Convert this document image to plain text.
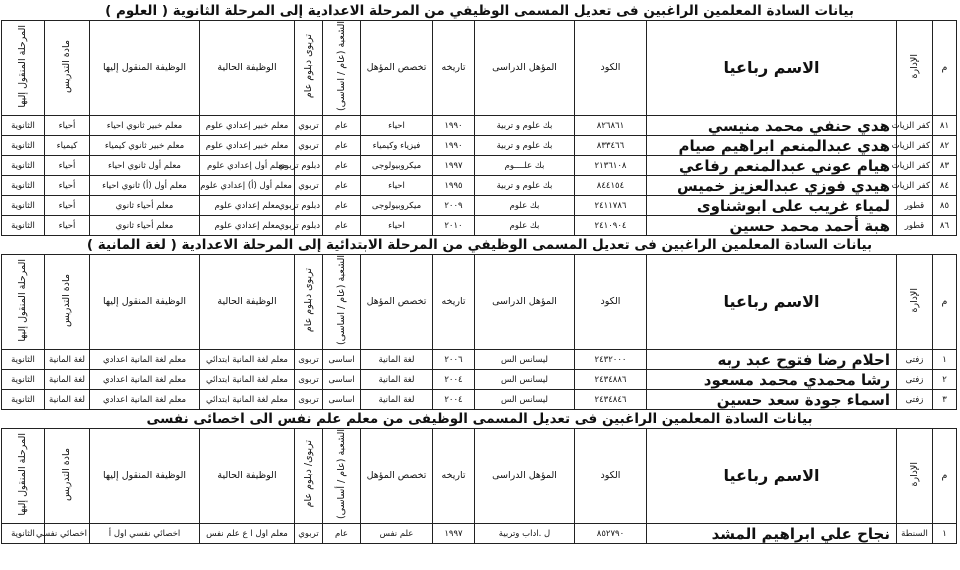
بيانات السادة المعلمين الراغبين فى تعديل المسمى الوظيفي من المرحلة الاعدادية إلى المرحلة الثانوية ( العلوم )
م	الإدارة	الاسم رباعيا	الكود	المؤهل الدراسى	تاريخه	تخصص المؤهل	الشعبة (عام / اساسى)	تربوى دبلوم عام	الوظيفة الحالية	الوظيفة المنقول إليها	مادة التدريس	المرحلة المنقول إليها
٨١	كفر الزيات	هدي حنفي محمد منيسي	٨٢٦٨٦١	بك علوم و تربية	١٩٩٠	احياء	عام	تربوي	معلم خبير إعدادي علوم	معلم خبير ثانوي احياء	أحياء	الثانوية
٨٢	كفر الزيات	هدي عبدالمنعم ابراهيم صيام	٨٣٣٤٦٦	بك علوم و تربية	١٩٩٠	فيزياء وكيمياء	عام	تربوي	معلم خبير إعدادي علوم	معلم خبير ثانوي كيمياء	كيمياء	الثانوية
٨٣	كفر الزيات	هيام عوني عبدالمنعم رفاعي	٢١٣٦١٠٨	بك علــــوم	١٩٩٧	ميكروبيولوجى	عام	دبلوم تربوي	معلم أول إعدادي علوم	معلم أول ثانوي احياء	أحياء	الثانوية
٨٤	كفر الزيات	هيدي فوزي عبدالعزيز خميس	٨٤٤١٥٤	بك علوم و تربية	١٩٩٥	احياء	عام	تربوي	معلم أول (أ) إعدادي علوم	معلم أول (أ) ثانوي احياء	أحياء	الثانوية
٨٥	قطور	لمياء غريب على ابوشناوى	٢٤١١٧٨٦	بك علوم	٢٠٠٩	ميكروبيولوجى	عام	دبلوم تربوي	معلم إعدادي علوم	معلم أحياء ثانوي	أحياء	الثانوية
٨٦	قطور	هبة أحمد محمد حسين	٢٤١٠٩٠٤	بك علوم	٢٠١٠	احياء	عام	دبلوم تربوي	معلم إعدادي علوم	معلم أحياء ثانوي	أحياء	الثانوية
بيانات السادة المعلمين الراغبين فى تعديل المسمى الوظيفي من المرحلة الابتدائية إلى المرحلة الاعدادية ( لغة المانية )
م	الإدارة	الاسم رباعيا	الكود	المؤهل الدراسى	تاريخه	تخصص المؤهل	الشعبة (عام / اساسى)	تربوى دبلوم عام	الوظيفة الحالية	الوظيفة المنقول إليها	مادة التدريس	المرحلة المنقول إليها
١	زفتى	احلام رضا فتوح عبد ربه	٢٤٣٢٠٠٠	ليسانس الس	٢٠٠٦	لغة المانية	اساسى	تربوى	معلم لغة المانية ابتدائي	معلم لغة المانية اعدادي	لغة المانية	الثانوية
٢	زفتى	رشا محمدي محمد مسعود	٢٤٣٤٨٨٦	ليسانس الس	٢٠٠٤	لغة المانية	اساسى	تربوى	معلم لغة المانية ابتدائي	معلم لغة المانية اعدادي	لغة المانية	الثانوية
٣	زفتى	اسماء جودة سعد حسين	٢٤٣٤٨٤٦	ليسانس الس	٢٠٠٤	لغة المانية	اساسى	تربوى	معلم لغة المانية ابتدائي	معلم لغة المانية اعدادي	لغة المانية	الثانوية
بيانات السادة المعلمين الراغبين فى تعديل المسمى الوظيفى من معلم علم نفس الى اخصائى نفسى
م	الإدارة	الاسم رباعيا	الكود	المؤهل الدراسى	تاريخه	تخصص المؤهل	الشعبة (عام / أساسى)	تربوى/ دبلوم عام	الوظيفة الحالية	الوظيفة المنقول إليها	مادة التدريس	المرحلة المنقول إليها
١	السنطة	نجاح علي ابراهيم المشد	٨٥٢٧٩٠	ل .اداب وتربية	١٩٩٧	علم نفس	عام	تربوي	معلم اول ا ع علم نفس	اخصائي نفسي اول أ	اخصائي نفسي	الثانوية
